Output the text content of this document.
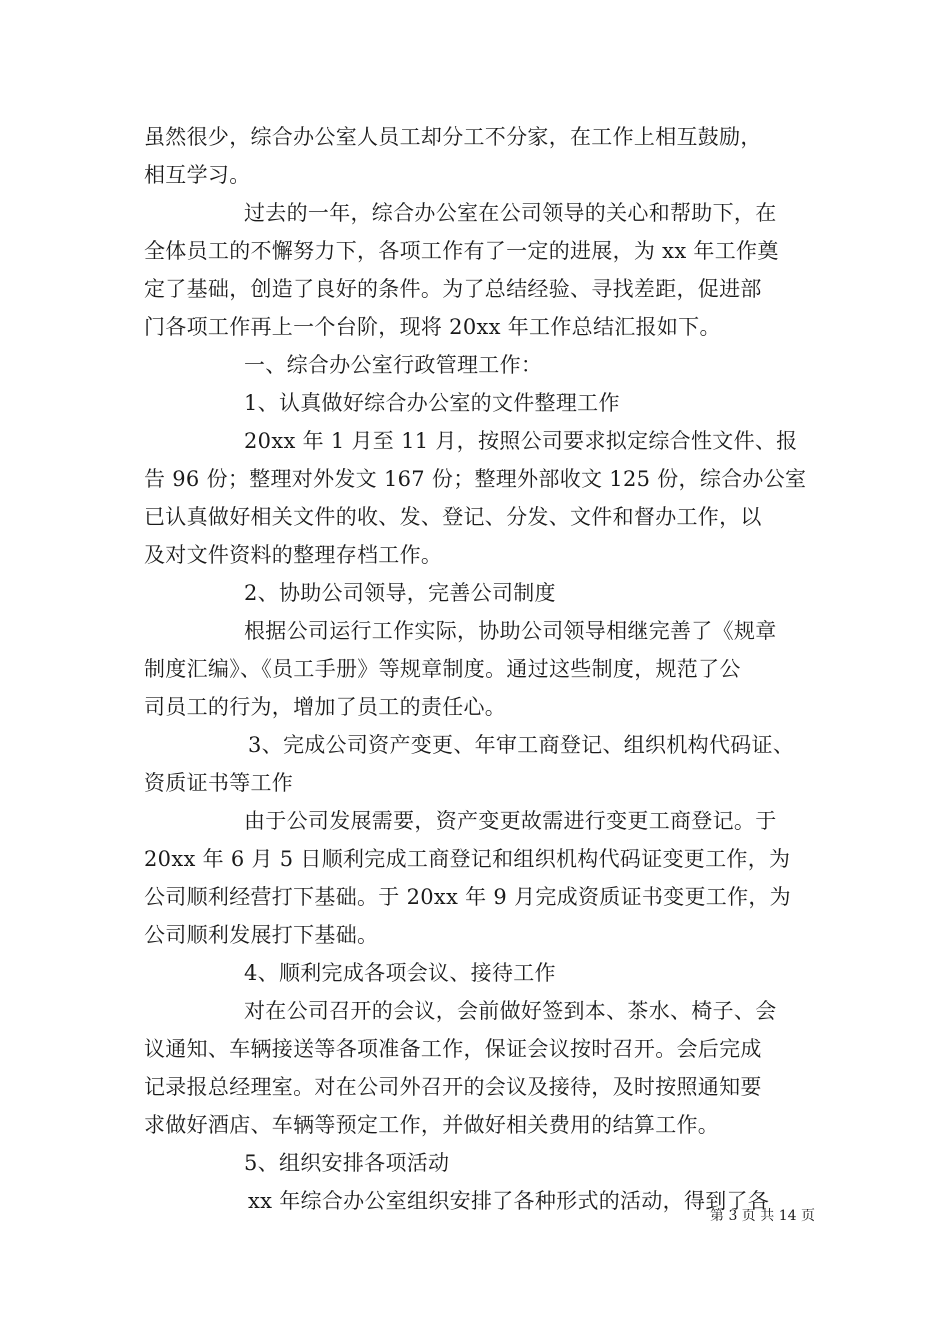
虽然很少，综合办公室人员工却分工不分家，在工作上相互鼓励，
相互学习。
过去的一年，综合办公室在公司领导的关心和帮助下，在
全体员工的不懈努力下，各项工作有了一定的进展，为 xx 年工作奠
定了基础，创造了良好的条件。为了总结经验、寻找差距，促进部
门各项工作再上一个台阶，现将 20xx 年工作总结汇报如下。
一、综合办公室行政管理工作：
1、认真做好综合办公室的文件整理工作
20xx 年 1 月至 11 月，按照公司要求拟定综合性文件、报
告 96 份；整理对外发文 167 份；整理外部收文 125 份，综合办公室
已认真做好相关文件的收、发、登记、分发、文件和督办工作，以
及对文件资料的整理存档工作。
2、协助公司领导，完善公司制度
根据公司运行工作实际，协助公司领导相继完善了《规章
制度汇编》、《员工手册》等规章制度。通过这些制度，规范了公
司员工的行为，增加了员工的责任心。
3、完成公司资产变更、年审工商登记、组织机构代码证、
资质证书等工作
由于公司发展需要，资产变更故需进行变更工商登记。于
20xx 年 6 月 5 日顺利完成工商登记和组织机构代码证变更工作，为
公司顺利经营打下基础。于 20xx 年 9 月完成资质证书变更工作，为
公司顺利发展打下基础。
4、顺利完成各项会议、接待工作
对在公司召开的会议，会前做好签到本、茶水、椅子、会
议通知、车辆接送等各项准备工作，保证会议按时召开。会后完成
记录报总经理室。对在公司外召开的会议及接待，及时按照通知要
求做好酒店、车辆等预定工作，并做好相关费用的结算工作。
5、组织安排各项活动
xx 年综合办公室组织安排了各种形式的活动，得到了各
第 3 页 共 14 页
